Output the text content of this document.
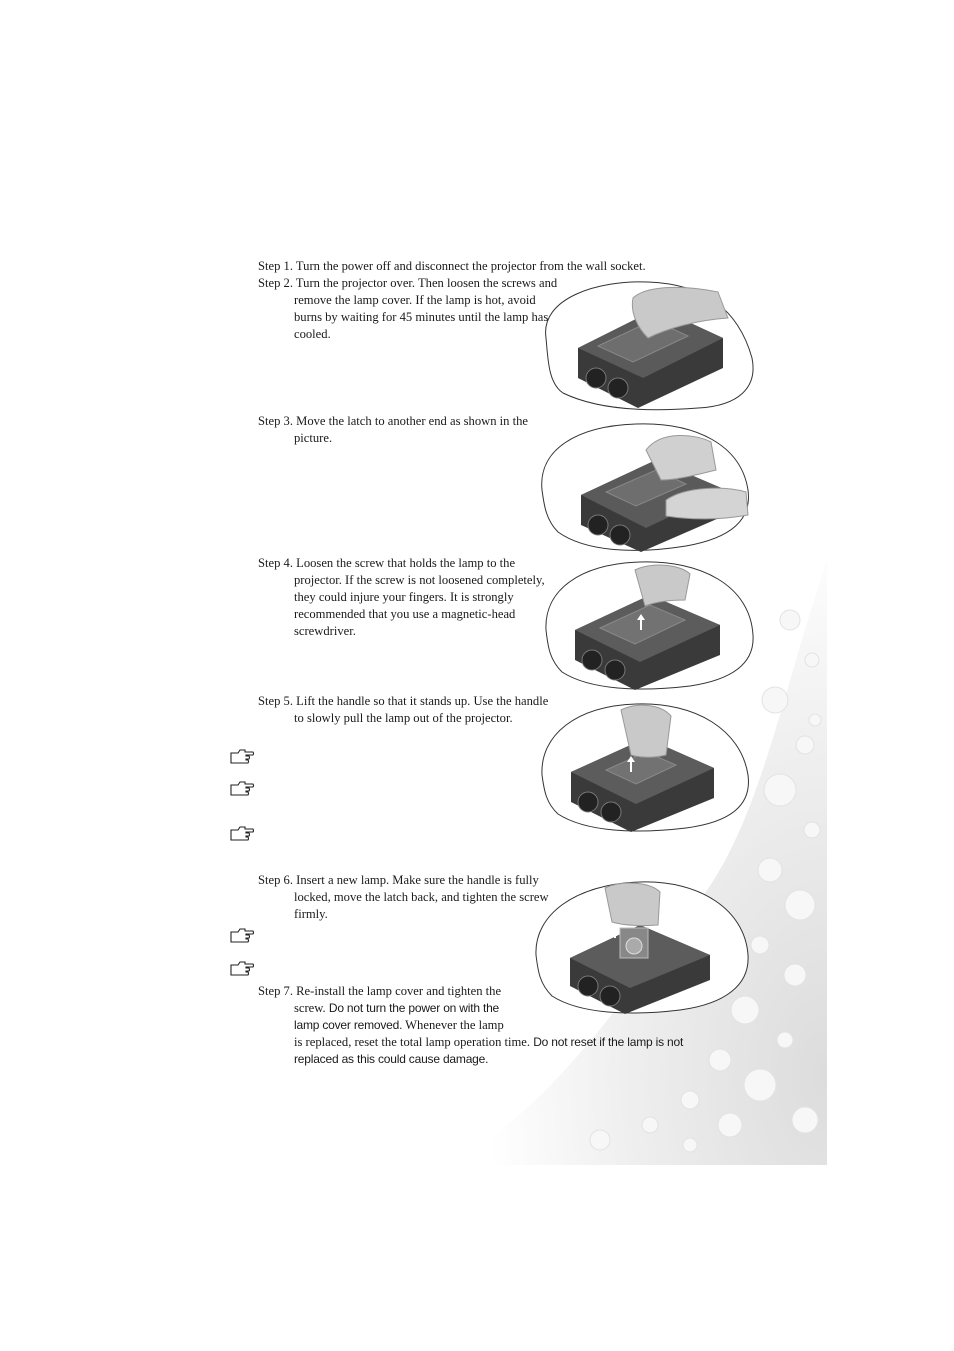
Step 1. Turn the power off and disconnect the projector from the wall socket.
Step 2. Turn the projector over. Then loosen the screws and remove the lamp cover. If the lamp is hot, avoid burns by waiting for 45 minutes until the lamp has cooled.
Step 3. Move the latch to another end as shown in the picture.
Step 4. Loosen the screw that holds the lamp to the projector. If the screw is not loosened completely, they could injure your fingers. It is strongly recommended that you use a magnetic-head screwdriver.
Step 5. Lift the handle so that it stands up. Use the handle to slowly pull the lamp out of the projector.
Step 6. Insert a new lamp. Make sure the handle is fully locked, move the latch back, and tighten the screw firmly.
Step 7. Re-install the lamp cover and tighten the
screw. Do not turn the power on with the
lamp cover removed. Whenever the lamp
is replaced, reset the total lamp operation time. Do not reset if the lamp is not
replaced as this could cause damage.
